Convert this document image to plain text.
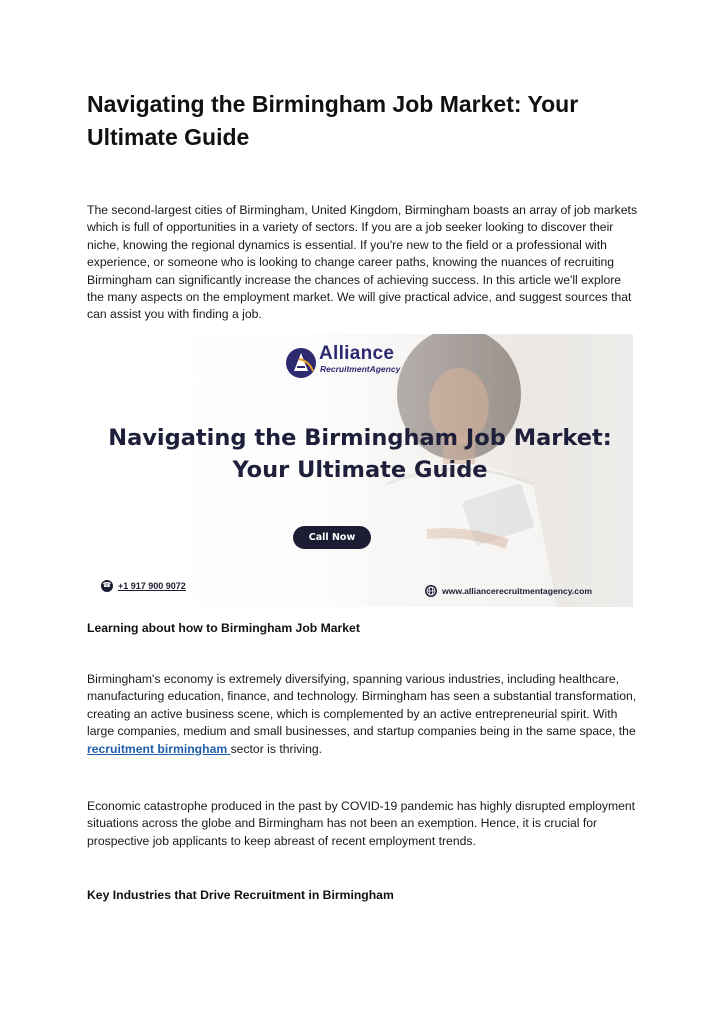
Navigating the Birmingham Job Market: Your Ultimate Guide

The second-largest cities of Birmingham, United Kingdom, Birmingham boasts an array of job markets which is full of opportunities in a variety of sectors. If you are a job seeker looking to discover their niche, knowing the regional dynamics is essential. If you're new to the field or a professional with experience, or someone who is looking to change career paths, knowing the nuances of recruiting Birmingham can significantly increase the chances of achieving success. In this article we'll explore the many aspects on the employment market. We will give practical advice, and suggest sources that can assist you with finding a job.

Alliance
RecruitmentAgency
Navigating the Birmingham Job Market:
Your Ultimate Guide
Call Now
☎ +1 917 900 9072	www.alliancerecruitmentagency.com
Learning about how to Birmingham Job Market

Birmingham's economy is extremely diversifying, spanning various industries, including healthcare, manufacturing education, finance, and technology. Birmingham has seen a substantial transformation, creating an active business scene, which is complemented by an active entrepreneurial spirit. With large companies, medium and small businesses, and startup companies being in the same space, the recruitment birmingham sector is thriving.

Economic catastrophe produced in the past by COVID-19 pandemic has highly disrupted employment situations across the globe and Birmingham has not been an exemption. Hence, it is crucial for prospective job applicants to keep abreast of recent employment trends.

Key Industries that Drive Recruitment in Birmingham
